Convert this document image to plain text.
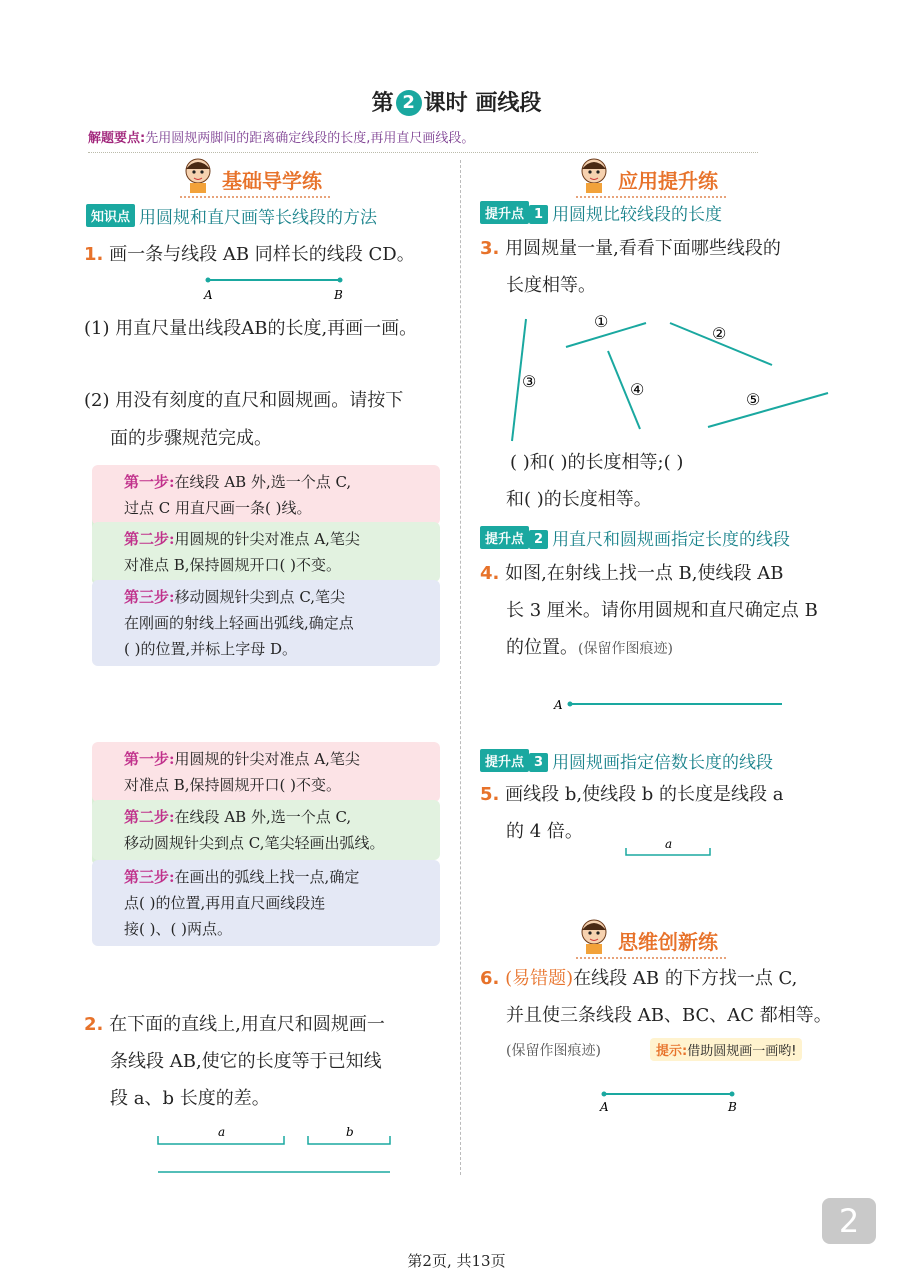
第 2 课时 画线段
解题要点:先用圆规两脚间的距离确定线段的长度,再用直尺画线段。
基础导学练
知识点 用圆规和直尺画等长线段的方法
1. 画一条与线段 AB 同样长的线段 CD。
A	B
(1) 用直尺量出线段AB的长度,再画一画。
(2) 用没有刻度的直尺和圆规画。请按下
面的步骤规范完成。
第一步:在线段 AB 外,选一个点 C,
过点 C 用直尺画一条( )线。
第二步:用圆规的针尖对准点 A,笔尖
对准点 B,保持圆规开口( )不变。
第三步:移动圆规针尖到点 C,笔尖
在刚画的射线上轻画出弧线,确定点
( )的位置,并标上字母 D。
第一步:用圆规的针尖对准点 A,笔尖
对准点 B,保持圆规开口( )不变。
第二步:在线段 AB 外,选一个点 C,
移动圆规针尖到点 C,笔尖轻画出弧线。
第三步:在画出的弧线上找一点,确定
点( )的位置,再用直尺画线段连
接( )、( )两点。
2. 在下面的直线上,用直尺和圆规画一
条线段 AB,使它的长度等于已知线
段 a、b 长度的差。
a	b
应用提升练
提升点 1 用圆规比较线段的长度
3. 用圆规量一量,看看下面哪些线段的
长度相等。
①
②
③	④
⑤
( )和( )的长度相等;( )
和( )的长度相等。
提升点 2 用直尺和圆规画指定长度的线段
4. 如图,在射线上找一点 B,使线段 AB
长 3 厘米。请你用圆规和直尺确定点 B
的位置。(保留作图痕迹)
A
提升点 3 用圆规画指定倍数长度的线段
5. 画线段 b,使线段 b 的长度是线段 a
的 4 倍。
a
思维创新练
6. (易错题)在线段 AB 的下方找一点 C,
并且使三条线段 AB、BC、AC 都相等。
(保留作图痕迹)	提示:借助圆规画一画哟!
A	B
2
第2页, 共13页
